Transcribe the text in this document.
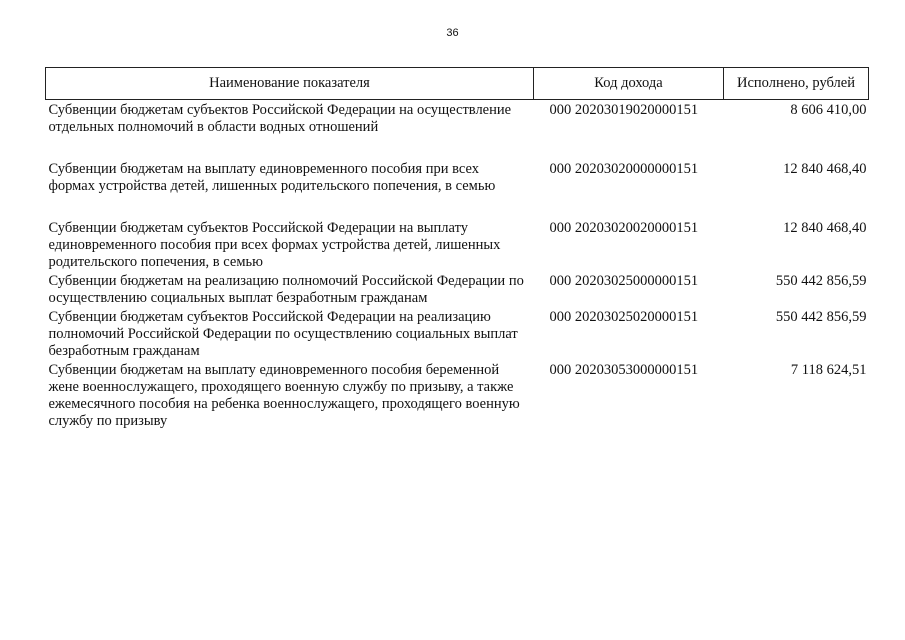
36
Наименование показателя	Код дохода	Исполнено, рублей
Субвенции бюджетам субъектов Российской Федерации на осуществление отдельных полномочий в области водных отношений	000 20203019020000151	8 606 410,00
Субвенции бюджетам на выплату единовременного пособия при всех формах устройства детей, лишенных родительского попечения, в семью	000 20203020000000151	12 840 468,40
Субвенции бюджетам субъектов Российской Федерации на выплату единовременного пособия при всех формах устройства детей, лишенных родительского попечения, в семью	000 20203020020000151	12 840 468,40
Субвенции бюджетам на реализацию полномочий Российской Федерации по осуществлению социальных выплат безработным гражданам	000 20203025000000151	550 442 856,59
Субвенции бюджетам субъектов Российской Федерации на реализацию полномочий Российской Федерации по осуществлению социальных выплат безработным гражданам	000 20203025020000151	550 442 856,59
Субвенции бюджетам на выплату единовременного пособия беременной жене военнослужащего, проходящего военную службу по призыву, а также ежемесячного пособия на ребенка военнослужащего, проходящего военную службу по призыву	000 20203053000000151	7 118 624,51
